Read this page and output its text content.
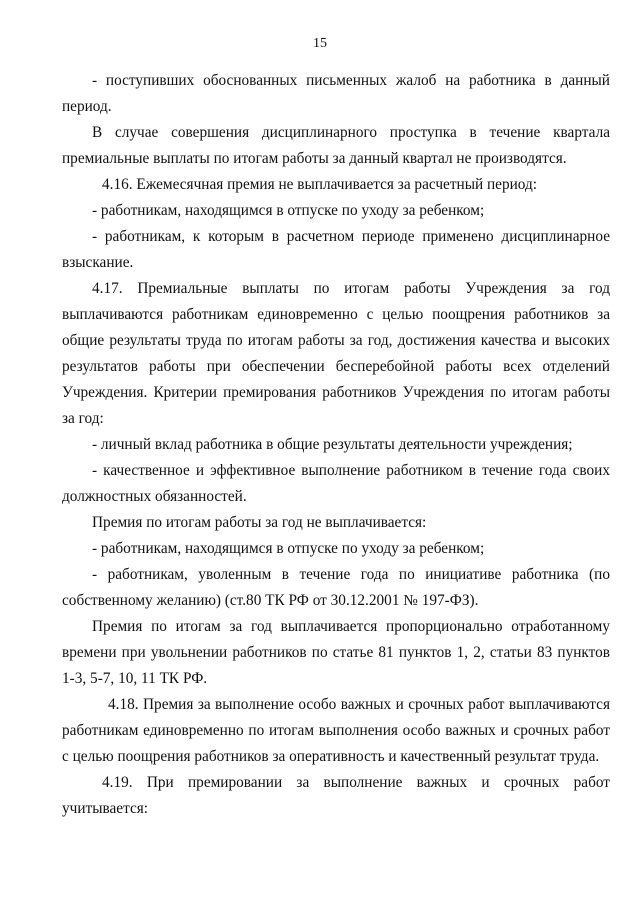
15

- поступивших обоснованных письменных жалоб на работника в данный период.

В случае совершения дисциплинарного проступка в течение квартала премиальные выплаты по итогам работы за данный квартал не производятся.

4.16. Ежемесячная премия не выплачивается за расчетный период:

- работникам, находящимся в отпуске по уходу за ребенком;

- работникам, к которым в расчетном периоде применено дисциплинарное взыскание.

4.17. Премиальные выплаты по итогам работы Учреждения за год выплачиваются работникам единовременно с целью поощрения работников за общие результаты труда по итогам работы за год, достижения качества и высоких результатов работы при обеспечении бесперебойной работы всех отделений Учреждения. Критерии премирования работников Учреждения по итогам работы за год:

- личный вклад работника в общие результаты деятельности учреждения;

- качественное и эффективное выполнение работником в течение года своих должностных обязанностей.

Премия по итогам работы за год не выплачивается:

- работникам, находящимся в отпуске по уходу за ребенком;

- работникам, уволенным в течение года по инициативе работника (по собственному желанию) (ст.80 ТК РФ от 30.12.2001 № 197-ФЗ).

Премия по итогам за год выплачивается пропорционально отработанному времени при увольнении работников по статье 81 пунктов 1, 2, статьи 83 пунктов 1-3, 5-7, 10, 11 ТК РФ.

4.18. Премия за выполнение особо важных и срочных работ выплачиваются работникам единовременно по итогам выполнения особо важных и срочных работ с целью поощрения работников за оперативность и качественный результат труда.

4.19. При премировании за выполнение важных и срочных работ учитывается:
